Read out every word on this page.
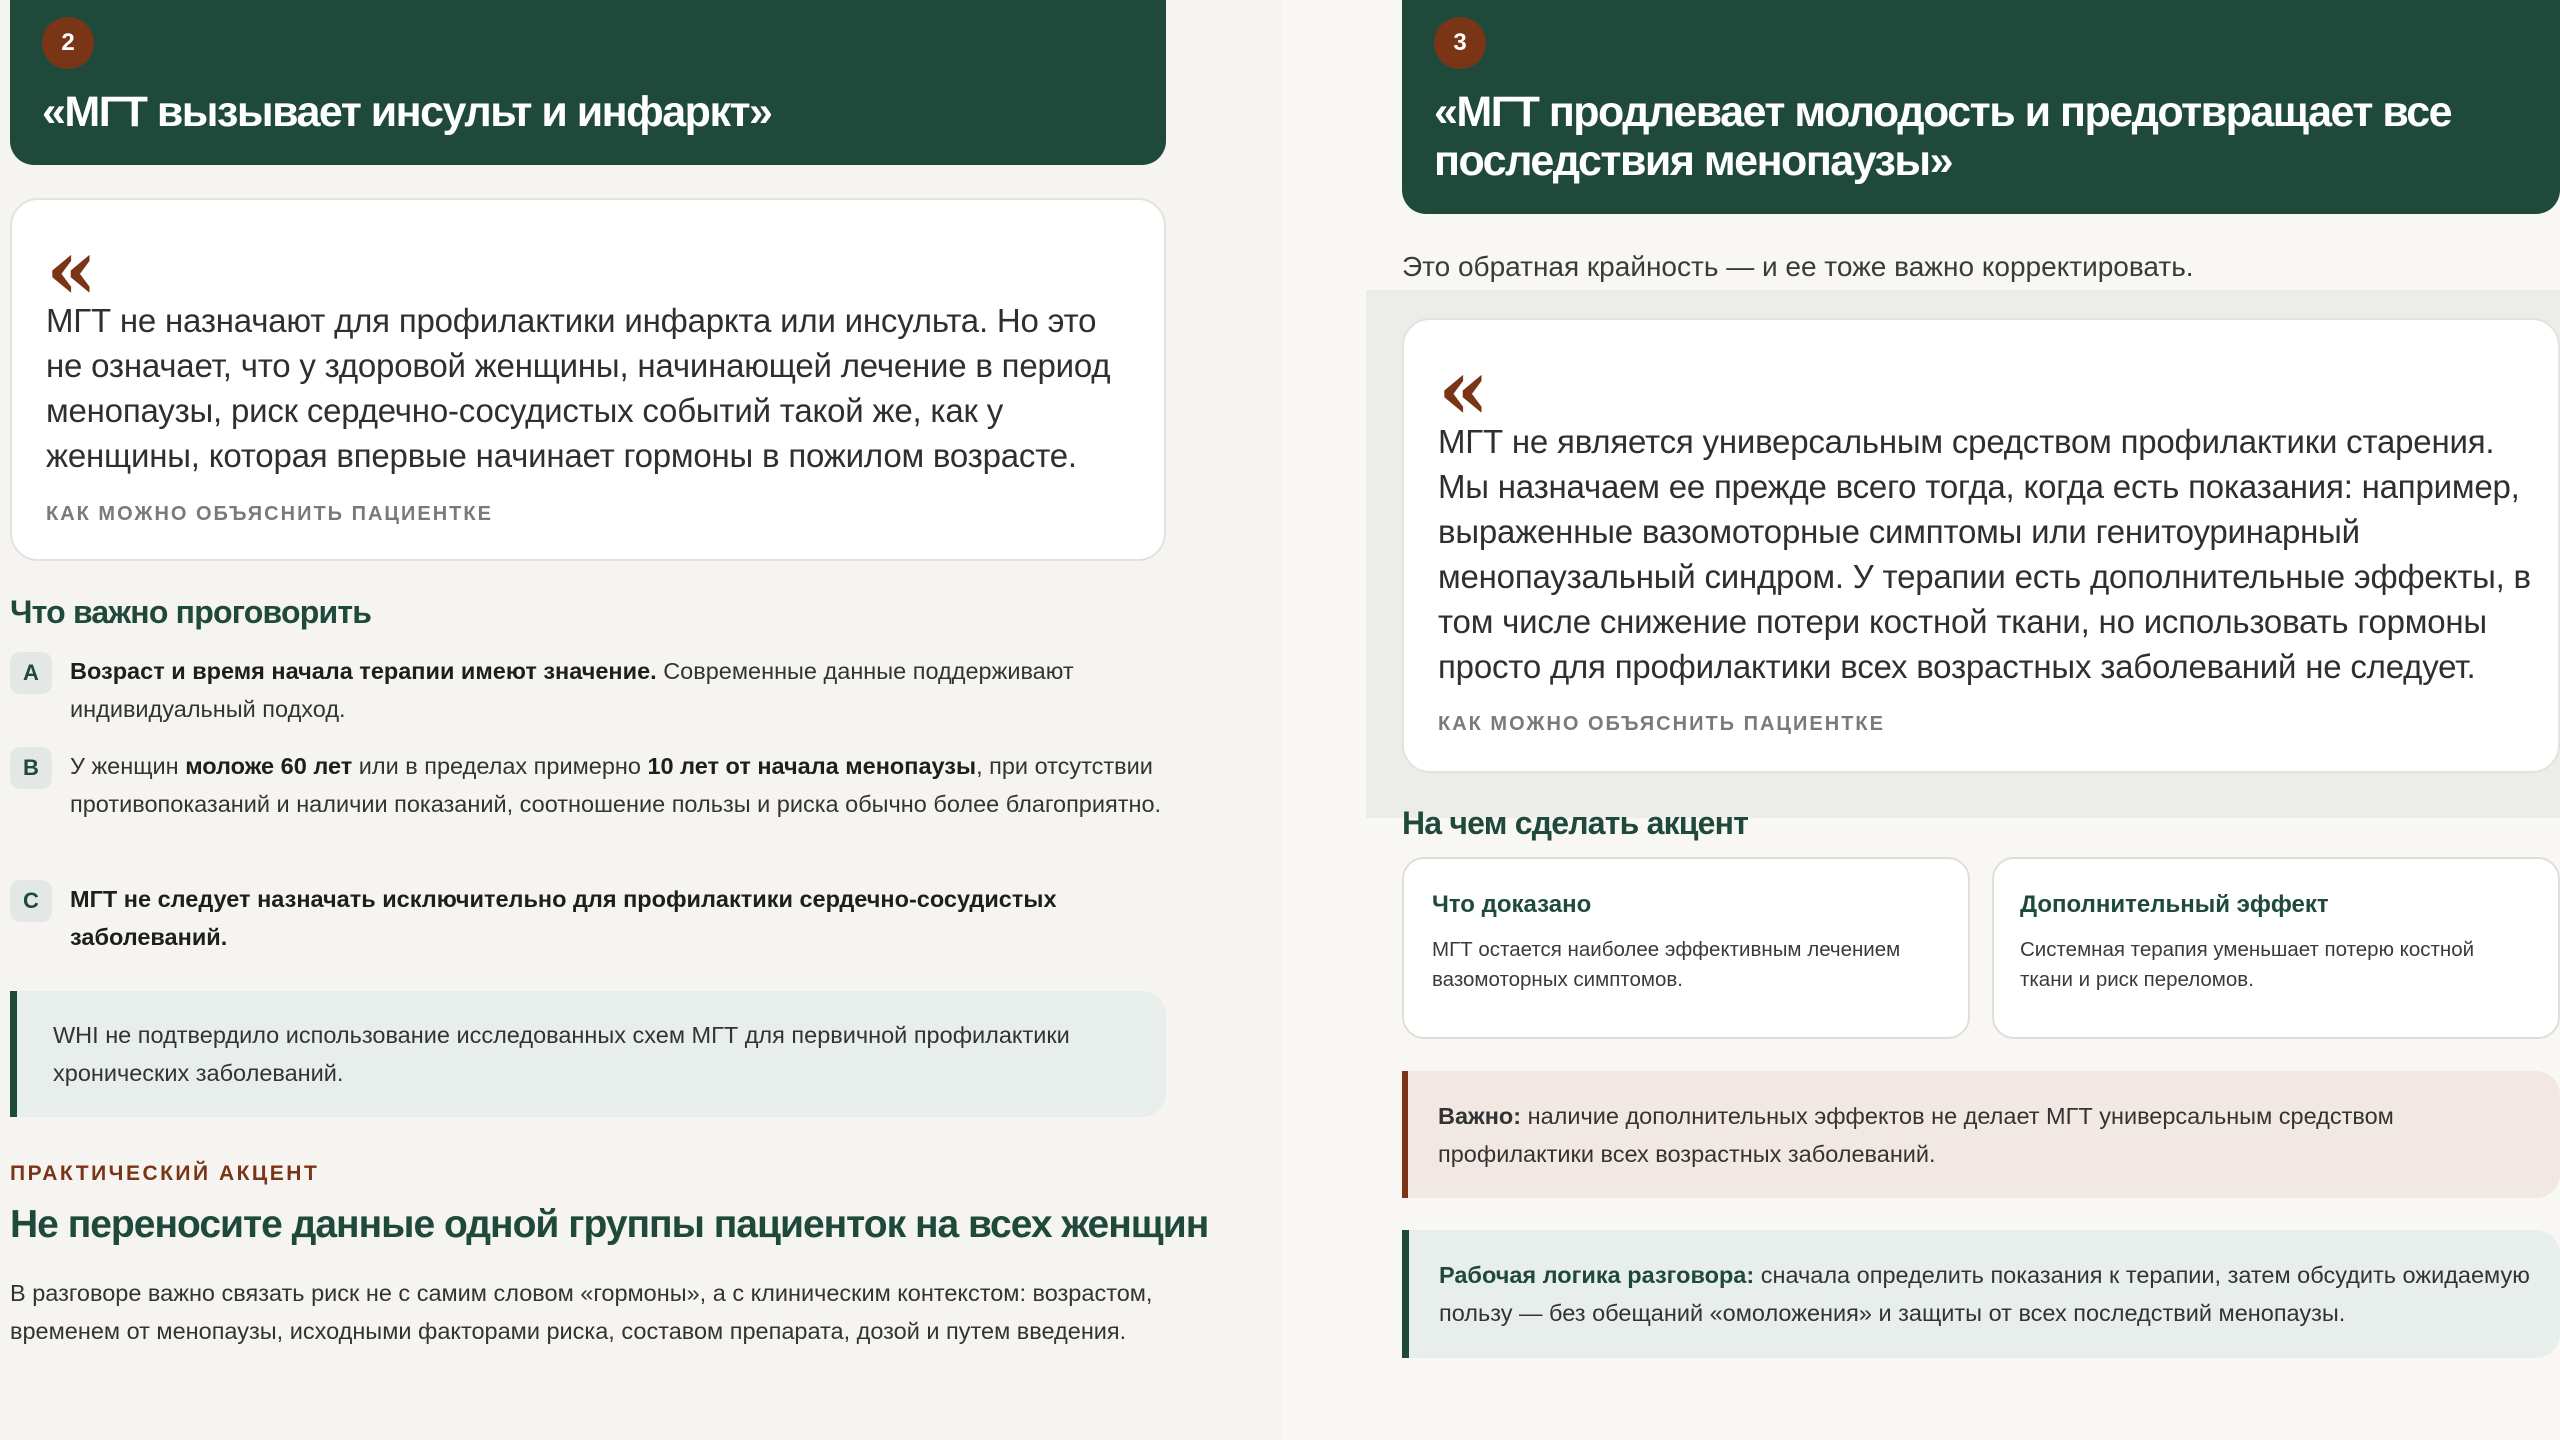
2
«МГТ вызывает инсульт и инфаркт»
«
МГТ не назначают для профилактики инфаркта или инсульта. Но это не означает, что у здоровой женщины, начинающей лечение в период менопаузы, риск сердечно-сосудистых событий такой же, как у женщины, которая впервые начинает гормоны в пожилом возрасте.
КАК МОЖНО ОБЪЯСНИТЬ ПАЦИЕНТКЕ
Что важно проговорить
A	Возраст и время начала терапии имеют значение. Современные данные поддерживают индивидуальный подход.
B	У женщин моложе 60 лет или в пределах примерно 10 лет от начала менопаузы, при отсутствии противопоказаний и наличии показаний, соотношение пользы и риска обычно более благоприятно.
C	МГТ не следует назначать исключительно для профилактики сердечно-сосудистых заболеваний.
WHI не подтвердило использование исследованных схем МГТ для первичной профилактики хронических заболеваний.
ПРАКТИЧЕСКИЙ АКЦЕНТ
Не переносите данные одной группы пациенток на всех женщин
В разговоре важно связать риск не с самим словом «гормоны», а с клиническим контекстом: возрастом, временем от менопаузы, исходными факторами риска, составом препарата, дозой и путем введения.
3
«МГТ продлевает молодость и предотвращает все последствия менопаузы»
Это обратная крайность — и ее тоже важно корректировать.
«
МГТ не является универсальным средством профилактики старения. Мы назначаем ее прежде всего тогда, когда есть показания: например, выраженные вазомоторные симптомы или генитоуринарный менопаузальный синдром. У терапии есть дополнительные эффекты, в том числе снижение потери костной ткани, но использовать гормоны просто для профилактики всех возрастных заболеваний не следует.
КАК МОЖНО ОБЪЯСНИТЬ ПАЦИЕНТКЕ
На чем сделать акцент
Что доказано
МГТ остается наиболее эффективным лечением вазомоторных симптомов.
Дополнительный эффект
Системная терапия уменьшает потерю костной ткани и риск переломов.
Важно: наличие дополнительных эффектов не делает МГТ универсальным средством профилактики всех возрастных заболеваний.
Рабочая логика разговора: сначала определить показания к терапии, затем обсудить ожидаемую пользу — без обещаний «омоложения» и защиты от всех последствий менопаузы.
